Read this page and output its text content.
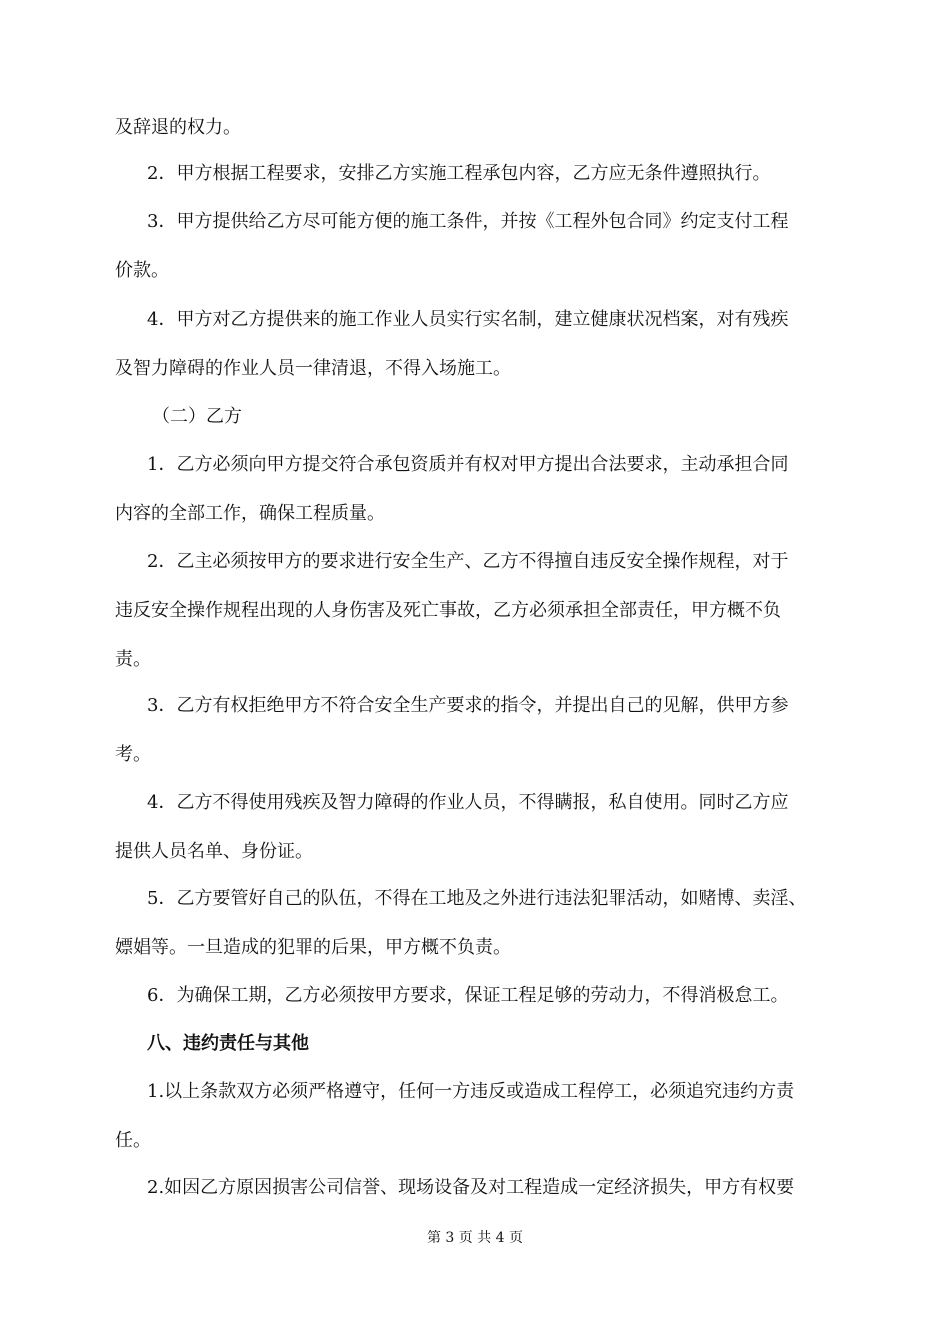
及辞退的权力。
2．甲方根据工程要求，安排乙方实施工程承包内容，乙方应无条件遵照执行。
3．甲方提供给乙方尽可能方便的施工条件，并按《工程外包合同》约定支付工程
价款。
4．甲方对乙方提供来的施工作业人员实行实名制，建立健康状况档案，对有残疾
及智力障碍的作业人员一律清退，不得入场施工。
（二）乙方
1．乙方必须向甲方提交符合承包资质并有权对甲方提出合法要求，主动承担合同
内容的全部工作，确保工程质量。
2．乙主必须按甲方的要求进行安全生产、乙方不得擅自违反安全操作规程，对于
违反安全操作规程出现的人身伤害及死亡事故，乙方必须承担全部责任，甲方概不负
责。
3．乙方有权拒绝甲方不符合安全生产要求的指令，并提出自己的见解，供甲方参
考。
4．乙方不得使用残疾及智力障碍的作业人员，不得瞒报，私自使用。同时乙方应
提供人员名单、身份证。
5．乙方要管好自己的队伍，不得在工地及之外进行违法犯罪活动，如赌博、卖淫、
嫖娼等。一旦造成的犯罪的后果，甲方概不负责。
6．为确保工期，乙方必须按甲方要求，保证工程足够的劳动力，不得消极怠工。
八、违约责任与其他
1.以上条款双方必须严格遵守，任何一方违反或造成工程停工，必须追究违约方责
任。
2.如因乙方原因损害公司信誉、现场设备及对工程造成一定经济损失，甲方有权要
第 3 页 共 4 页
